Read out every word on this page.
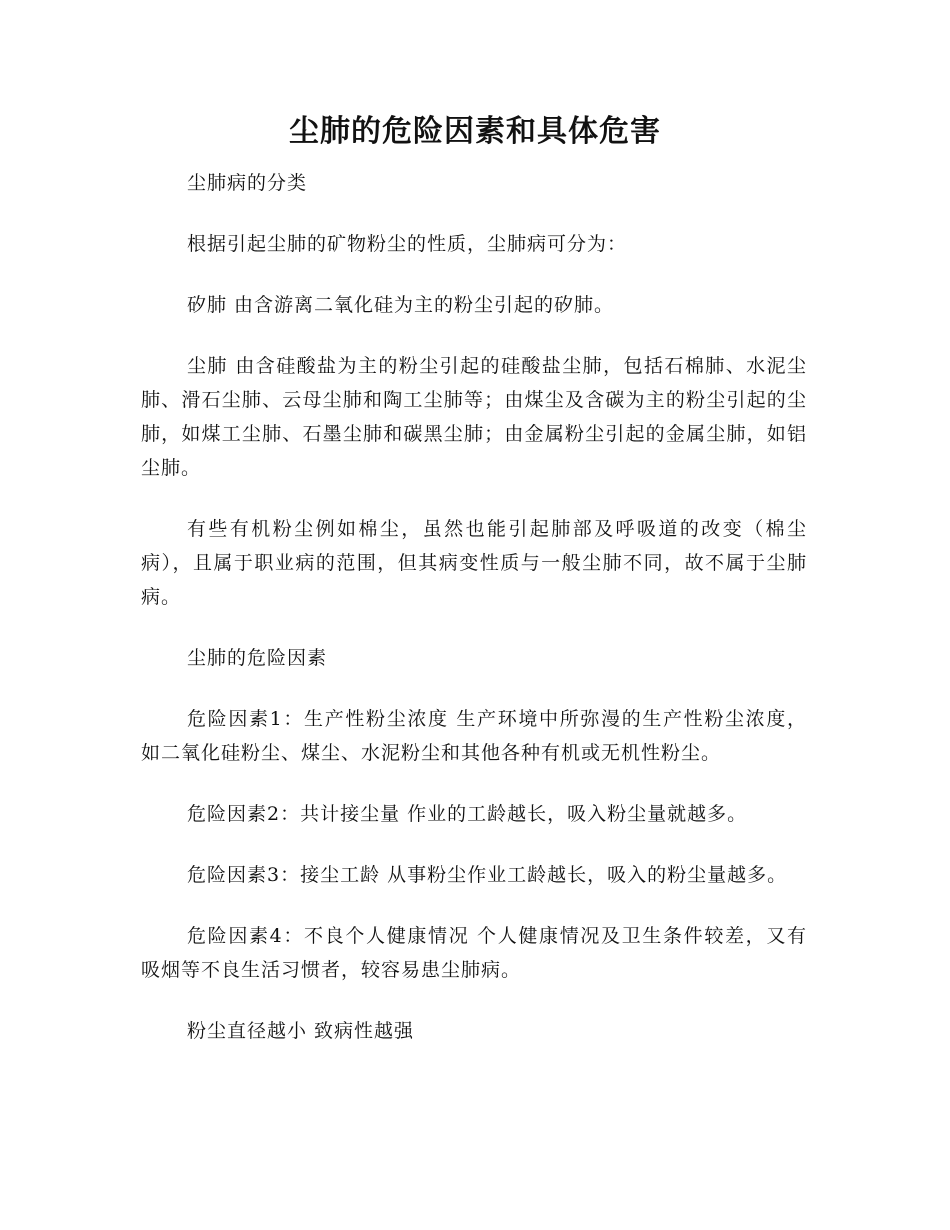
尘肺的危险因素和具体危害

尘肺病的分类

根据引起尘肺的矿物粉尘的性质，尘肺病可分为：

矽肺 由含游离二氧化硅为主的粉尘引起的矽肺。

尘肺 由含硅酸盐为主的粉尘引起的硅酸盐尘肺，包括石棉肺、水泥尘肺、滑石尘肺、云母尘肺和陶工尘肺等；由煤尘及含碳为主的粉尘引起的尘肺，如煤工尘肺、石墨尘肺和碳黑尘肺；由金属粉尘引起的金属尘肺，如铝尘肺。

有些有机粉尘例如棉尘，虽然也能引起肺部及呼吸道的改变（棉尘病），且属于职业病的范围，但其病变性质与一般尘肺不同，故不属于尘肺病。

尘肺的危险因素

危险因素1：生产性粉尘浓度 生产环境中所弥漫的生产性粉尘浓度，如二氧化硅粉尘、煤尘、水泥粉尘和其他各种有机或无机性粉尘。

危险因素2：共计接尘量 作业的工龄越长，吸入粉尘量就越多。

危险因素3：接尘工龄 从事粉尘作业工龄越长，吸入的粉尘量越多。

危险因素4：不良个人健康情况 个人健康情况及卫生条件较差，又有吸烟等不良生活习惯者，较容易患尘肺病。

粉尘直径越小 致病性越强
